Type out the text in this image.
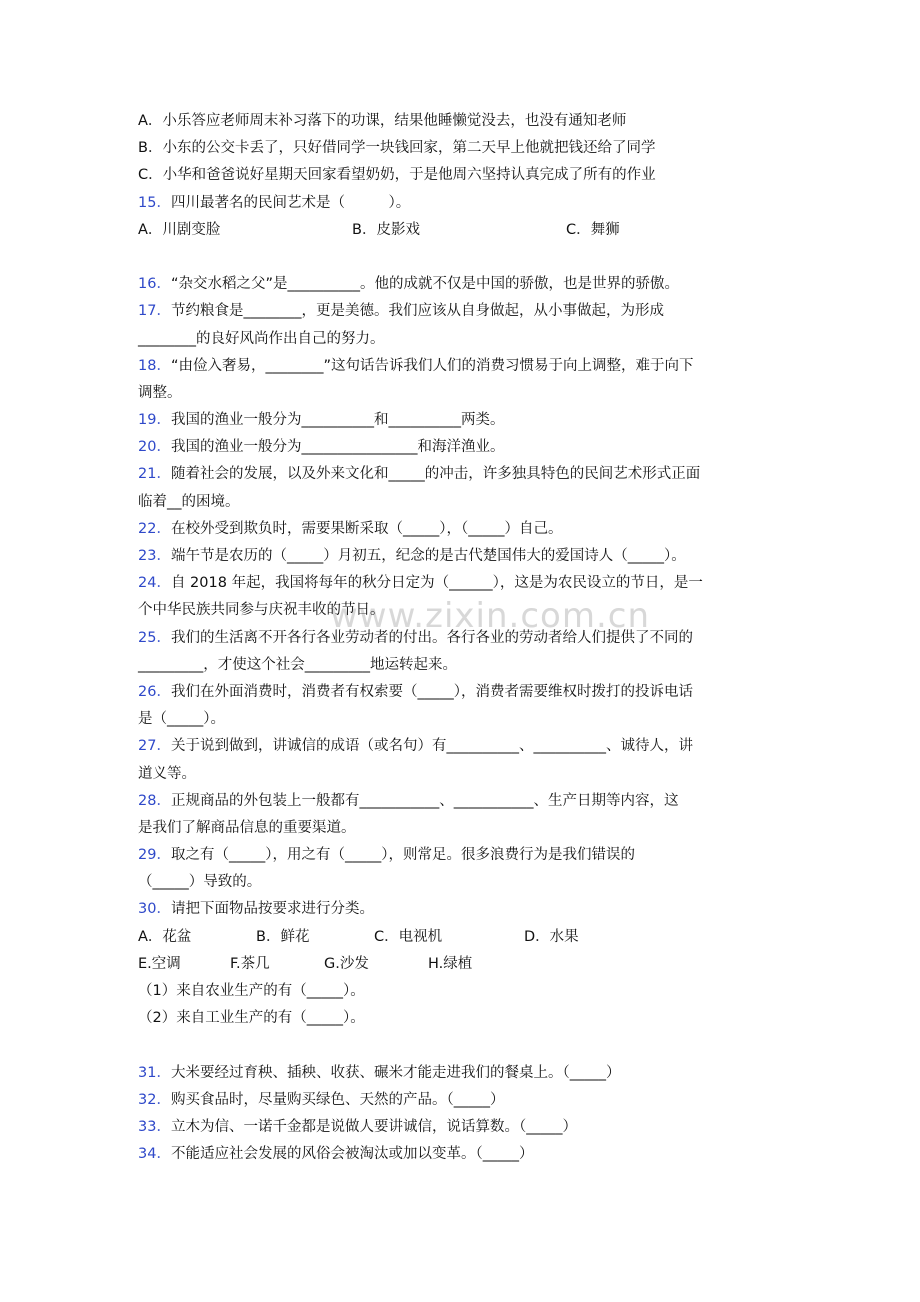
www.zixin.com.cn
A．小乐答应老师周末补习落下的功课，结果他睡懒觉没去，也没有通知老师
B．小东的公交卡丢了，只好借同学一块钱回家，第二天早上他就把钱还给了同学
C．小华和爸爸说好星期天回家看望奶奶，于是他周六坚持认真完成了所有的作业
15．四川最著名的民间艺术是（　　　）。
A．川剧变脸	B．皮影戏	C．舞狮
16．“杂交水稻之父”是__________。他的成就不仅是中国的骄傲，也是世界的骄傲。
17．节约粮食是________，更是美德。我们应该从自身做起，从小事做起，为形成
________的良好风尚作出自己的努力。
18．“由俭入奢易，________”这句话告诉我们人们的消费习惯易于向上调整，难于向下
调整。
19．我国的渔业一般分为__________和__________两类。
20．我国的渔业一般分为________________和海洋渔业。
21．随着社会的发展，以及外来文化和_____的冲击，许多独具特色的民间艺术形式正面
临着__的困境。
22．在校外受到欺负时，需要果断采取（_____），（_____）自己。
23．端午节是农历的（_____）月初五，纪念的是古代楚国伟大的爱国诗人（_____）。
24．自 2018 年起，我国将每年的秋分日定为（______），这是为农民设立的节日，是一
个中华民族共同参与庆祝丰收的节日。
25．我们的生活离不开各行各业劳动者的付出。各行各业的劳动者给人们提供了不同的
_________，才使这个社会_________地运转起来。
26．我们在外面消费时，消费者有权索要（_____），消费者需要维权时拨打的投诉电话
是（_____）。
27．关于说到做到，讲诚信的成语（或名句）有__________、__________、诚待人，讲
道义等。
28．正规商品的外包装上一般都有___________、___________、生产日期等内容，这
是我们了解商品信息的重要渠道。
29．取之有（_____），用之有（_____），则常足。很多浪费行为是我们错误的
（_____）导致的。
30．请把下面物品按要求进行分类。
A．花盆	B．鲜花	C．电视机	D．水果
E.空调	F.茶几	G.沙发	H.绿植
（1）来自农业生产的有（_____）。
（2）来自工业生产的有（_____）。
31．大米要经过育秧、插秧、收获、碾米才能走进我们的餐桌上。（_____）
32．购买食品时，尽量购买绿色、天然的产品。（_____）
33．立木为信、一诺千金都是说做人要讲诚信，说话算数。（_____）
34．不能适应社会发展的风俗会被淘汰或加以变革。（_____）
